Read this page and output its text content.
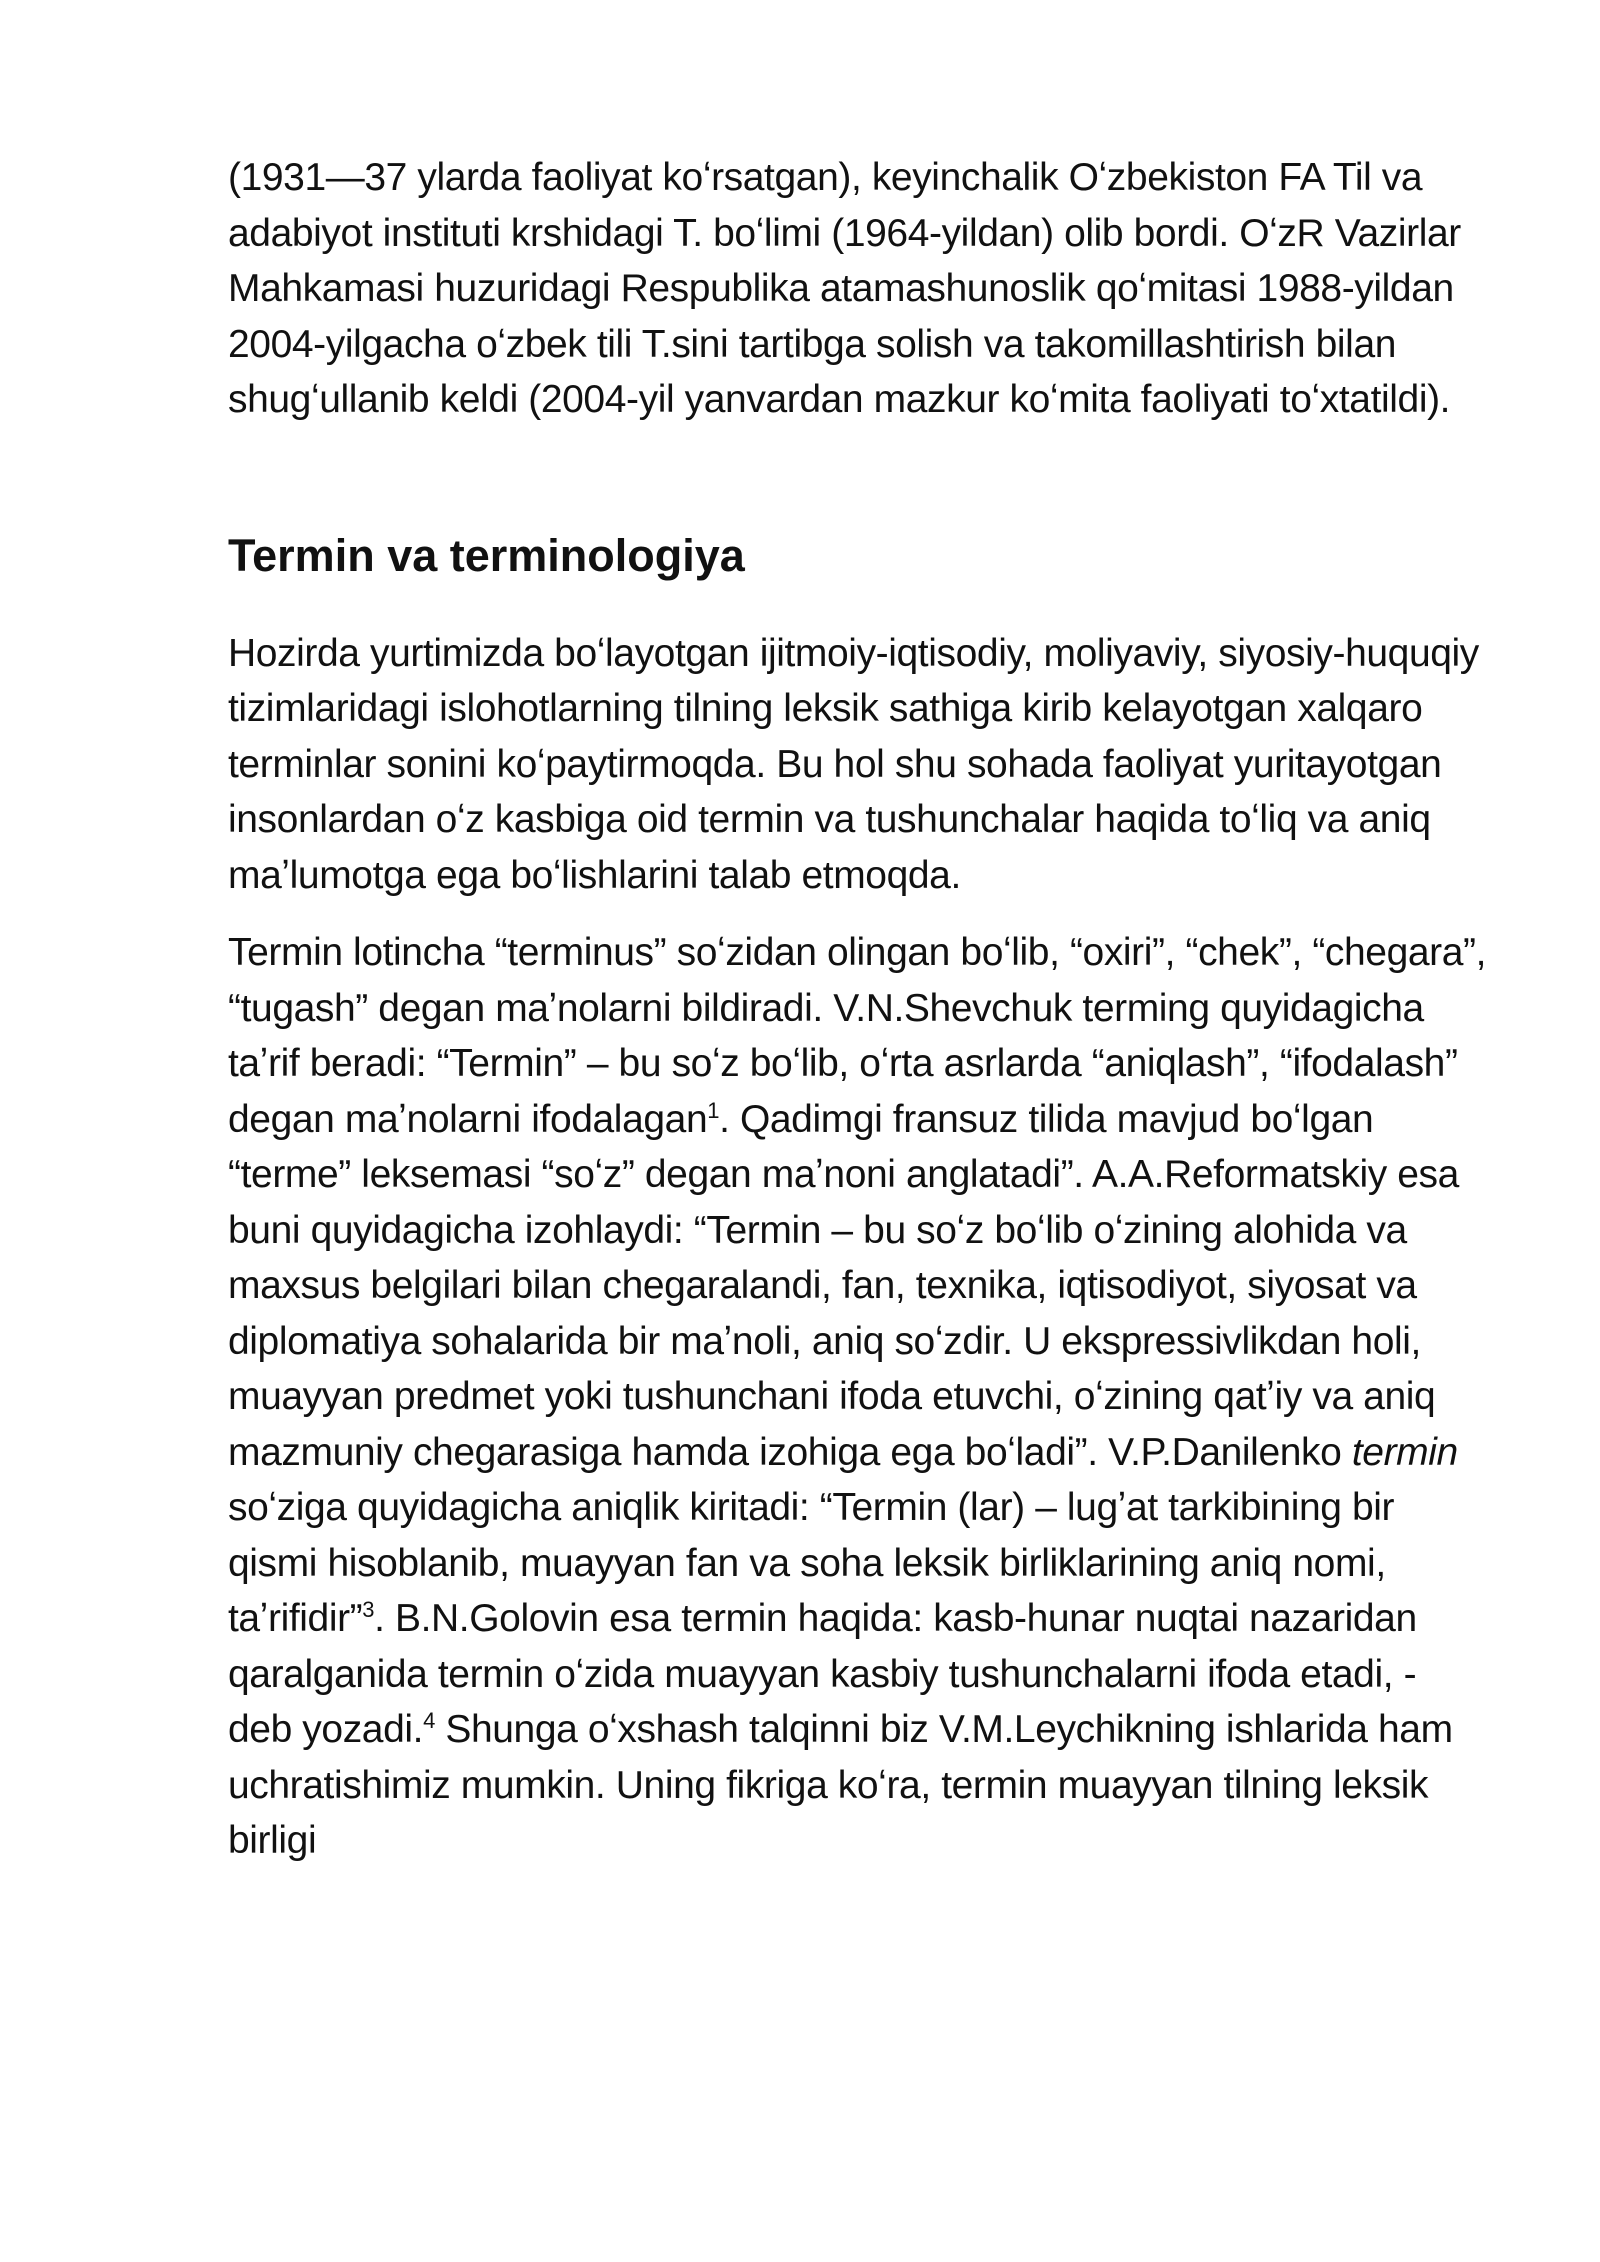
(1931—37 ylarda faoliyat koʻrsatgan), keyinchalik Oʻzbekiston FA Til va adabiyot instituti krshidagi T. boʻlimi (1964-yildan) olib bordi. OʻzR Vazirlar Mahkamasi huzuridagi Respublika atamashunoslik qoʻmitasi 1988-yildan 2004-yilgacha oʻzbek tili T.sini tartibga solish va takomillashtirish bilan shugʻullanib keldi (2004-yil yanvardan mazkur koʻmita faoliyati toʻxtatildi).

Termin va terminologiya

Hozirda yurtimizda boʻlayotgan ijitmoiy-iqtisodiy, moliyaviy, siyosiy-huquqiy tizimlaridagi islohotlarning tilning leksik sathiga kirib kelayotgan xalqaro terminlar sonini koʻpaytirmoqda. Bu hol shu sohada faoliyat yuritayotgan insonlardan oʻz kasbiga oid termin va tushunchalar haqida toʻliq va aniq maʼlumotga ega boʻlishlarini talab etmoqda.

Termin lotincha “terminus” soʻzidan olingan boʻlib, “oxiri”, “chek”, “chegara”, “tugash” degan maʼnolarni bildiradi. V.N.Shevchuk terming quyidagicha taʼrif beradi: “Termin” – bu soʻz boʻlib, oʻrta asrlarda “aniqlash”, “ifodalash” degan maʼnolarni ifodalagan$^1$. Qadimgi fransuz tilida mavjud boʻlgan “terme” leksemasi “soʻz” degan maʼnoni anglatadi”. A.A.Reformatskiy esa buni quyidagicha izohlaydi: “Termin – bu soʻz boʻlib oʻzining alohida va maxsus belgilari bilan chegaralandi, fan, texnika, iqtisodiyot, siyosat va diplomatiya sohalarida bir maʼnoli, aniq soʻzdir. U ekspressivlikdan holi, muayyan predmet yoki tushunchani ifoda etuvchi, oʻzining qatʼiy va aniq mazmuniy chegarasiga hamda izohiga ega boʻladi”. V.P.Danilenko termin soʻziga quyidagicha aniqlik kiritadi: “Termin (lar) – lugʼat tarkibining bir qismi hisoblanib, muayyan fan va soha leksik birliklarining aniq nomi, taʼrifidir”$^3$. B.N.Golovin esa termin haqida: kasb-hunar nuqtai nazaridan qaralganida termin oʻzida muayyan kasbiy tushunchalarni ifoda etadi, - deb yozadi.$^4$ Shunga oʻxshash talqinni biz V.M.Leychikning ishlarida ham uchratishimiz mumkin. Uning fikriga koʻra, termin muayyan tilning leksik birligi
